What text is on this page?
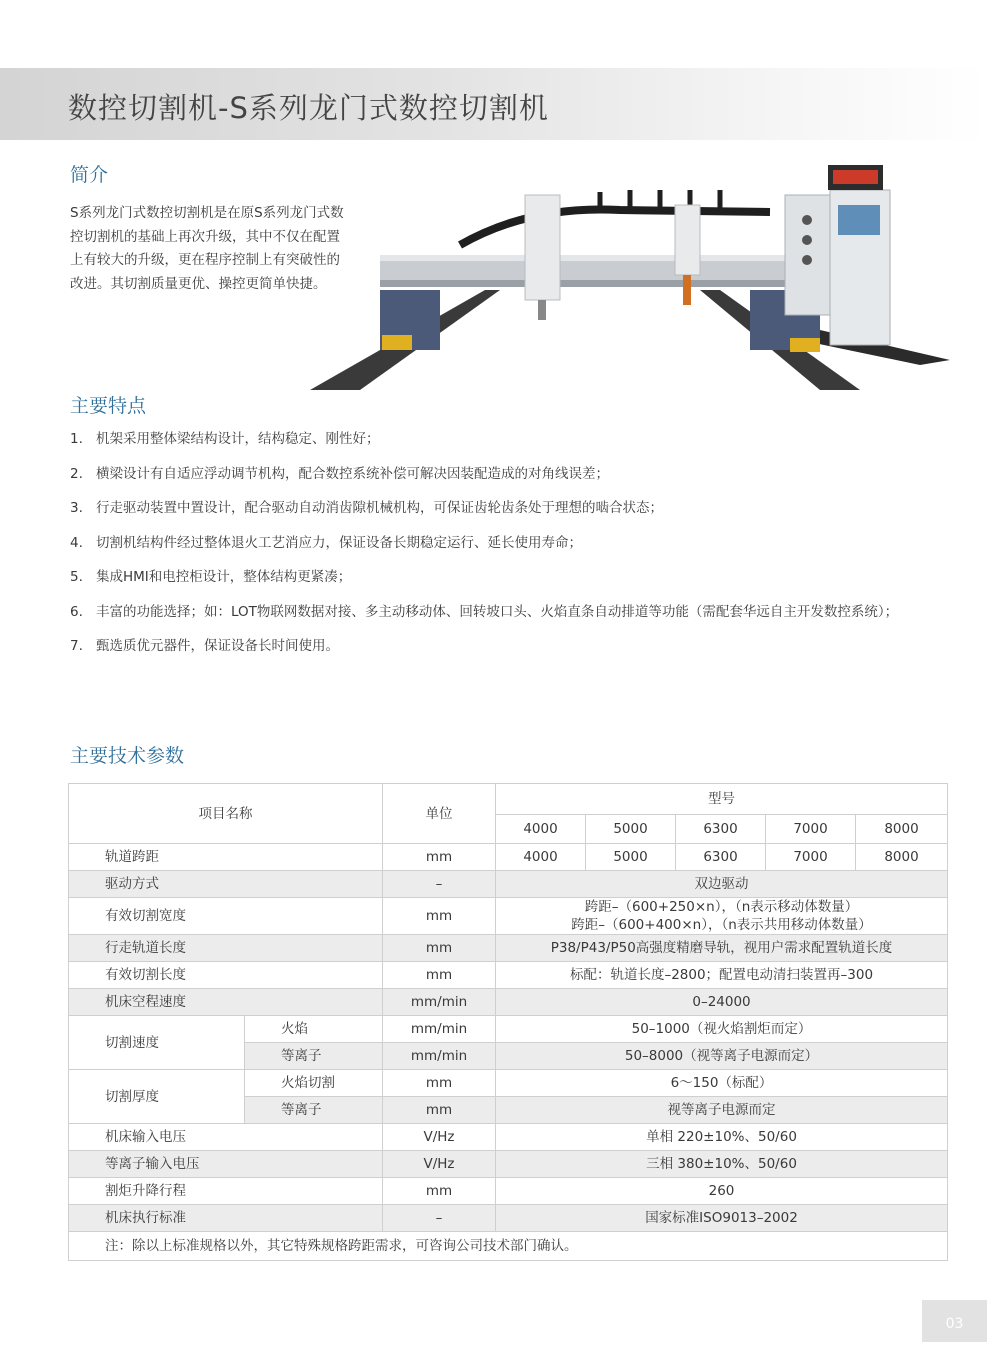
数控切割机-S系列龙门式数控切割机
简介

S系列龙门式数控切割机是在原S系列龙门式数控切割机的基础上再次升级，其中不仅在配置上有较大的升级，更在程序控制上有突破性的改进。其切割质量更优、操控更简单快捷。

主要特点
1. 机架采用整体梁结构设计，结构稳定、刚性好；
2. 横梁设计有自适应浮动调节机构，配合数控系统补偿可解决因装配造成的对角线误差；
3. 行走驱动装置中置设计，配合驱动自动消齿隙机械机构，可保证齿轮齿条处于理想的啮合状态；
4. 切割机结构件经过整体退火工艺消应力，保证设备长期稳定运行、延长使用寿命；
5. 集成HMI和电控柜设计，整体结构更紧凑；
6. 丰富的功能选择；如：LOT物联网数据对接、多主动移动体、回转坡口头、火焰直条自动排道等功能（需配套华远自主开发数控系统）；
7. 甄选质优元器件，保证设备长时间使用。
主要技术参数
项目名称		单位	型号				
			4000	5000	6300	7000	8000
轨道跨距		mm	4000	5000	6300	7000	8000
驱动方式		–	双边驱动				
有效切割宽度		mm	跨距–（600+250×n），（n表示移动体数量）
跨距–（600+400×n），（n表示共用移动体数量）				

行走轨道长度		mm	P38/P43/P50高强度精磨导轨，视用户需求配置轨道长度				
有效切割长度		mm	标配：轨道长度–2800；配置电动清扫装置再–300				
机床空程速度		mm/min	0–24000				
切割速度	火焰	mm/min	50–1000（视火焰割炬而定）				
	等离子	mm/min	50–8000（视等离子电源而定）				
切割厚度	火焰切割	mm	6～150（标配）				
	等离子	mm	视等离子电源而定				
机床输入电压		V/Hz	单相 220±10%、50/60				
等离子输入电压		V/Hz	三相 380±10%、50/60				
割炬升降行程		mm	260				
机床执行标准		–	国家标准ISO9013–2002				
注：除以上标准规格以外，其它特殊规格跨距需求，可咨询公司技术部门确认。							
03
